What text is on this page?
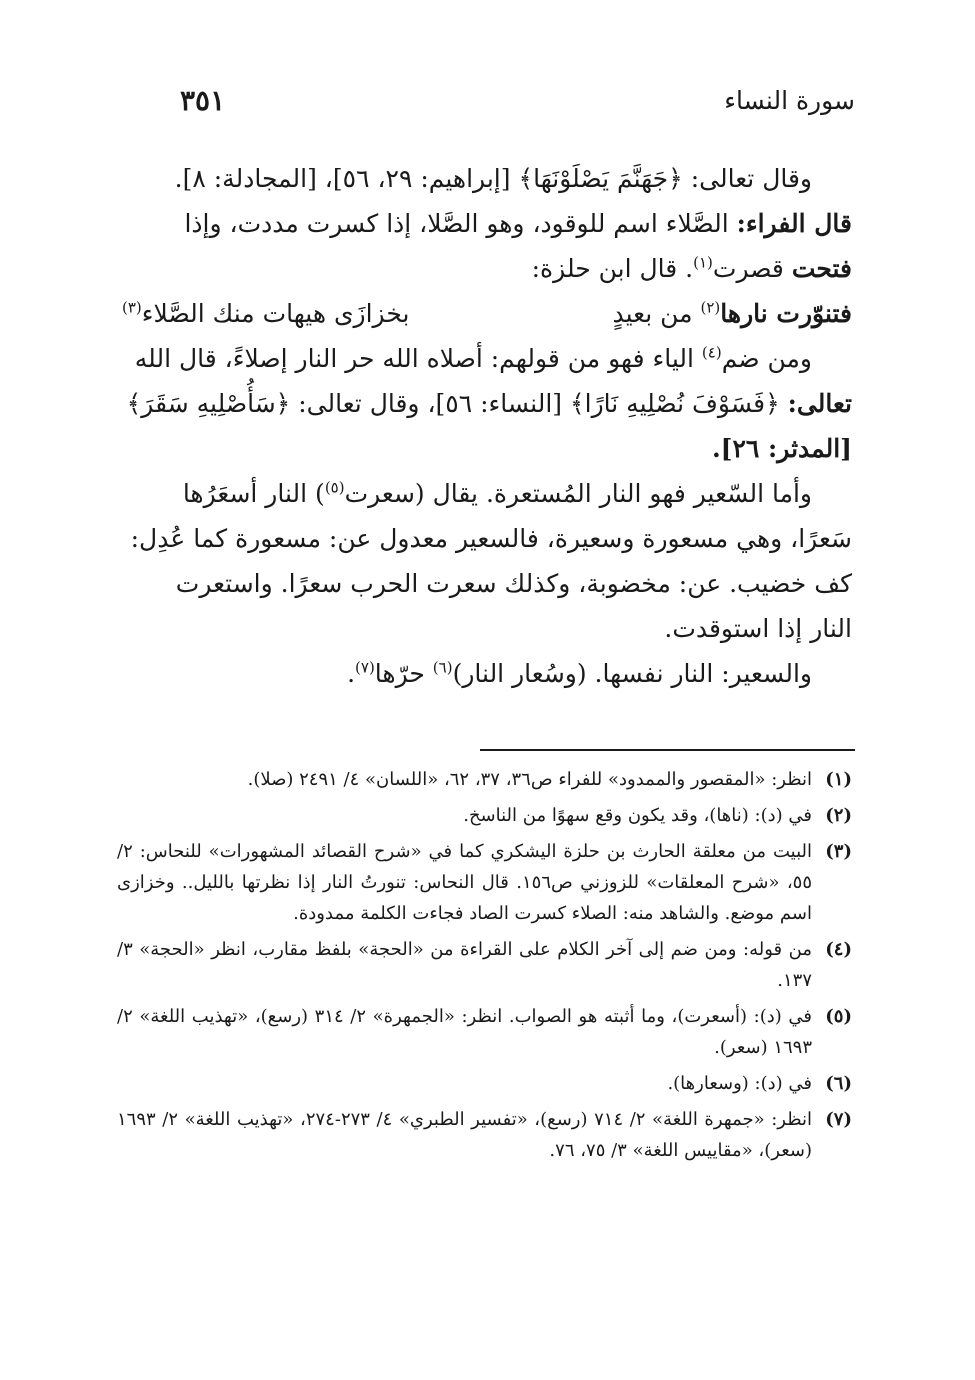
سورة النساء
٣٥١

وقال تعالى: ﴿جَهَنَّمَ يَصْلَوْنَهَا﴾ [إبراهيم: ٢٩، ٥٦]، [المجادلة: ٨].

قال الفراء: الصَّلاء اسم للوقود، وهو الصَّلا، إذا كسرت مددت، وإذا

فتحت قصرت$^{(١)}$. قال ابن حلزة:

فتنوّرت نارها$^{(٢)}$ من بعيدٍ
بخزازَى هيهات منك الصَّلاء$^{(٣)}$

ومن ضم$^{(٤)}$ الياء فهو من قولهم: أصلاه الله حر النار إصلاءً، قال الله

تعالى: ﴿فَسَوْفَ نُصْلِيهِ نَارًا﴾ [النساء: ٥٦]، وقال تعالى: ﴿سَأُصْلِيهِ سَقَرَ﴾

[المدثر: ٢٦].

وأما السّعير فهو النار المُستعرة. يقال (سعرت$^{(٥)}$) النار أسعَرُها

سَعرًا، وهي مسعورة وسعيرة، فالسعير معدول عن: مسعورة كما عُدِل:

كف خضيب. عن: مخضوبة، وكذلك سعرت الحرب سعرًا. واستعرت

النار إذا استوقدت.

والسعير: النار نفسها. (وسُعار النار)$^{(٦)}$ حرّها$^{(٧)}$.

(١)
انظر: «المقصور والممدود» للفراء ص٣٦، ٣٧، ٦٢، «اللسان» ٤/ ٢٤٩١ (صلا).
(٢)
في (د): (ناها)، وقد يكون وقع سهوًا من الناسخ.
(٣)
البيت من معلقة الحارث بن حلزة اليشكري كما في «شرح القصائد المشهورات» للنحاس: ٢/ ٥٥، «شرح المعلقات» للزوزني ص١٥٦. قال النحاس: تنورتُ النار إذا نظرتها بالليل.. وخزازى اسم موضع. والشاهد منه: الصلاء كسرت الصاد فجاءت الكلمة ممدودة.
(٤)
من قوله: ومن ضم إلى آخر الكلام على القراءة من «الحجة» بلفظ مقارب، انظر «الحجة» ٣/ ١٣٧.
(٥)
في (د): (أسعرت)، وما أثبته هو الصواب. انظر: «الجمهرة» ٢/ ٣١٤ (رسع)، «تهذيب اللغة» ٢/ ١٦٩٣ (سعر).
(٦)
في (د): (وسعارها).
(٧)
انظر: «جمهرة اللغة» ٢/ ٧١٤ (رسع)، «تفسير الطبري» ٤/ ٢٧٣-٢٧٤، «تهذيب اللغة» ٢/ ١٦٩٣ (سعر)، «مقاييس اللغة» ٣/ ٧٥، ٧٦.
